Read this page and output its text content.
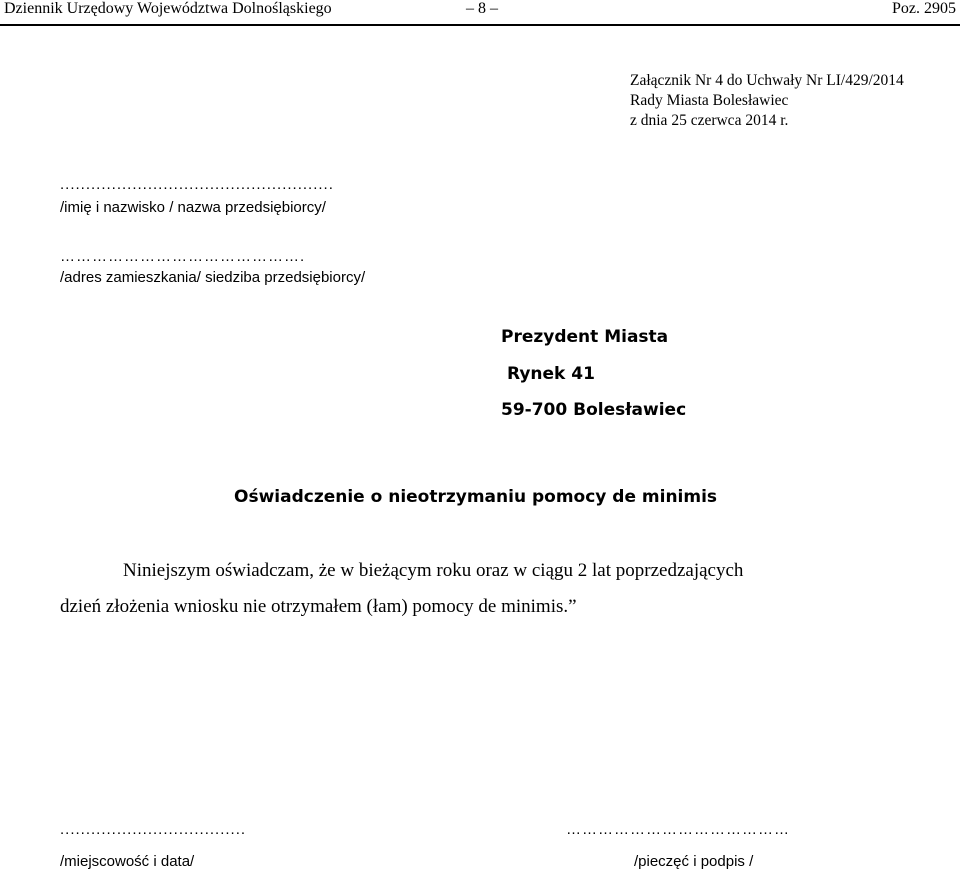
Dziennik Urzędowy Województwa Dolnośląskiego	– 8 –	Poz. 2905
Załącznik Nr 4 do Uchwały Nr LI/429/2014
Rady Miasta Bolesławiec
z dnia 25 czerwca 2014 r.
.....................................................
/imię i nazwisko / nazwa przedsiębiorcy/
……………………………………….
/adres zamieszkania/ siedziba przedsiębiorcy/
Prezydent Miasta
Rynek 41
59-700 Bolesławiec
Oświadczenie o nieotrzymaniu pomocy de minimis
Niniejszym oświadczam, że w bieżącym roku oraz w ciągu 2 lat poprzedzających
dzień złożenia wniosku nie otrzymałem (łam) pomocy de minimis.”
....................................
/miejscowość i data/
……………………………………
/pieczęć i podpis /
